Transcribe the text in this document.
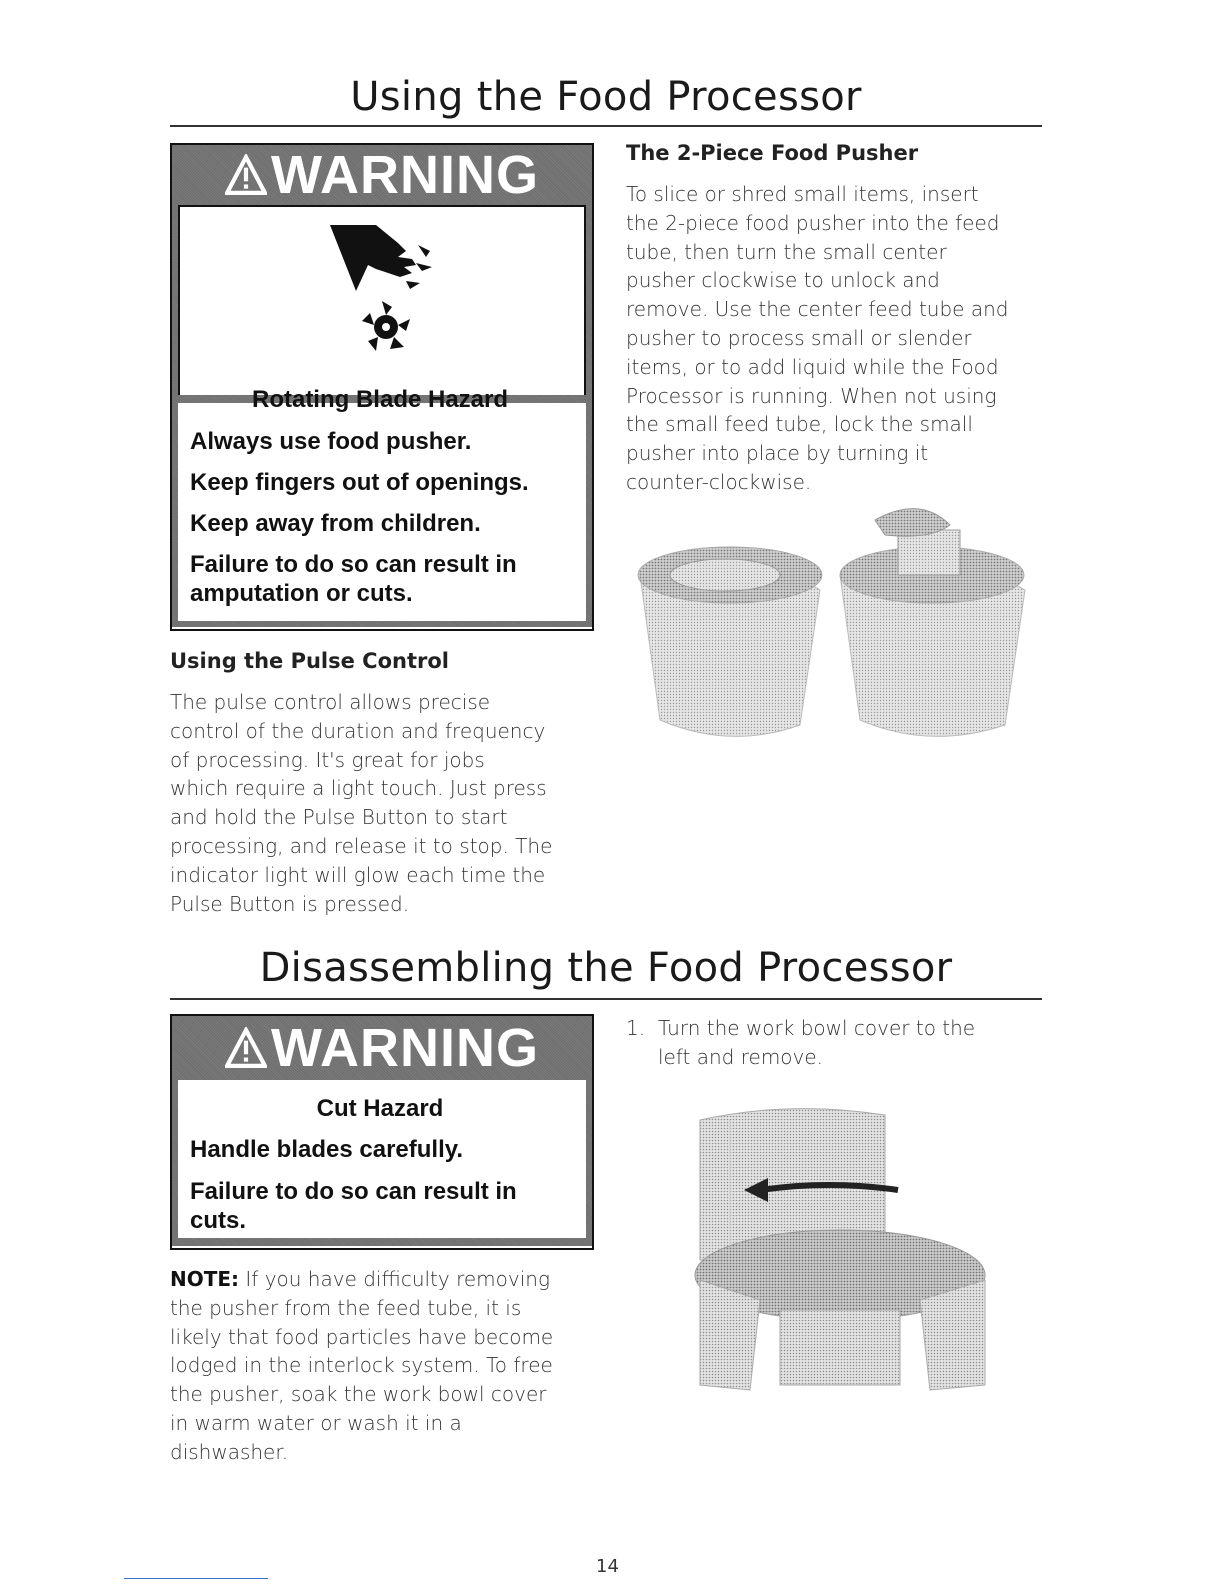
Using the Food Processor
WARNING
Rotating Blade Hazard
Always use food pusher.
Keep fingers out of openings.
Keep away from children.
Failure to do so can result in
amputation or cuts.
Using the Pulse Control
The pulse control allows precise
control of the duration and frequency
of processing. It's great for jobs
which require a light touch. Just press
and hold the Pulse Button to start
processing, and release it to stop. The
indicator light will glow each time the
Pulse Button is pressed.
The 2-Piece Food Pusher
To slice or shred small items, insert
the 2-piece food pusher into the feed
tube, then turn the small center
pusher clockwise to unlock and
remove. Use the center feed tube and
pusher to process small or slender
items, or to add liquid while the Food
Processor is running. When not using
the small feed tube, lock the small
pusher into place by turning it
counter-clockwise.
Disassembling the Food Processor
WARNING
Cut Hazard
Handle blades carefully.
Failure to do so can result in
cuts.
NOTE: If you have difficulty removing
the pusher from the feed tube, it is
likely that food particles have become
lodged in the interlock system. To free
the pusher, soak the work bowl cover
in warm water or wash it in a
dishwasher.
1. Turn the work bowl cover to the
left and remove.
14
